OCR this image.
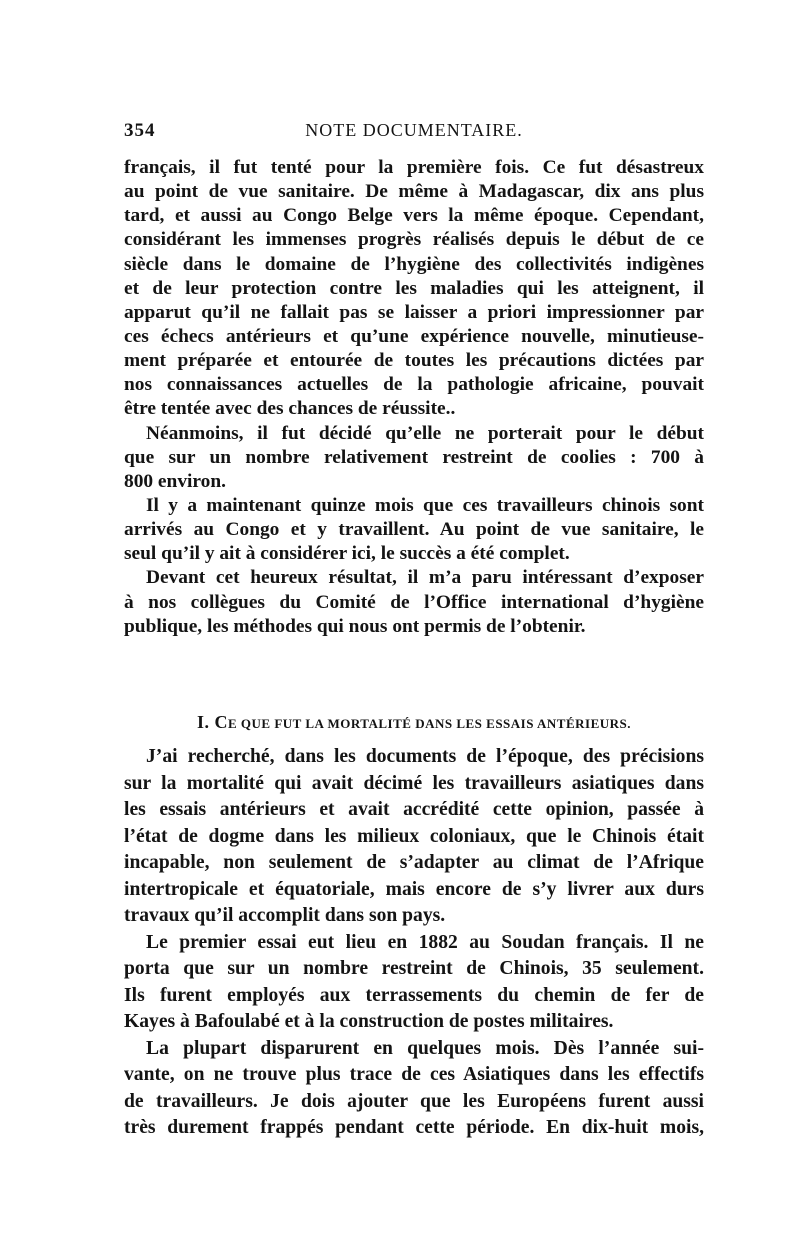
354	NOTE DOCUMENTAIRE.
français, il fut tenté pour la première fois. Ce fut désastreux
au point de vue sanitaire. De même à Madagascar, dix ans plus
tard, et aussi au Congo Belge vers la même époque. Cependant,
considérant les immenses progrès réalisés depuis le début de ce
siècle dans le domaine de l’hygiène des collectivités indigènes
et de leur protection contre les maladies qui les atteignent, il
apparut qu’il ne fallait pas se laisser a priori impressionner par
ces échecs antérieurs et qu’une expérience nouvelle, minutieuse-
ment préparée et entourée de toutes les précautions dictées par
nos connaissances actuelles de la pathologie africaine, pouvait
être tentée avec des chances de réussite..
Néanmoins, il fut décidé qu’elle ne porterait pour le début
que sur un nombre relativement restreint de coolies : 700 à
800 environ.
Il y a maintenant quinze mois que ces travailleurs chinois sont
arrivés au Congo et y travaillent. Au point de vue sanitaire, le
seul qu’il y ait à considérer ici, le succès a été complet.
Devant cet heureux résultat, il m’a paru intéressant d’exposer
à nos collègues du Comité de l’Office international d’hygiène
publique, les méthodes qui nous ont permis de l’obtenir.
I. CE QUE FUT LA MORTALITÉ DANS LES ESSAIS ANTÉRIEURS.
J’ai recherché, dans les documents de l’époque, des précisions
sur la mortalité qui avait décimé les travailleurs asiatiques dans
les essais antérieurs et avait accrédité cette opinion, passée à
l’état de dogme dans les milieux coloniaux, que le Chinois était
incapable, non seulement de s’adapter au climat de l’Afrique
intertropicale et équatoriale, mais encore de s’y livrer aux durs
travaux qu’il accomplit dans son pays.
Le premier essai eut lieu en 1882 au Soudan français. Il ne
porta que sur un nombre restreint de Chinois, 35 seulement.
Ils furent employés aux terrassements du chemin de fer de
Kayes à Bafoulabé et à la construction de postes militaires.
La plupart disparurent en quelques mois. Dès l’année sui-
vante, on ne trouve plus trace de ces Asiatiques dans les effectifs
de travailleurs. Je dois ajouter que les Européens furent aussi
très durement frappés pendant cette période. En dix-huit mois,
